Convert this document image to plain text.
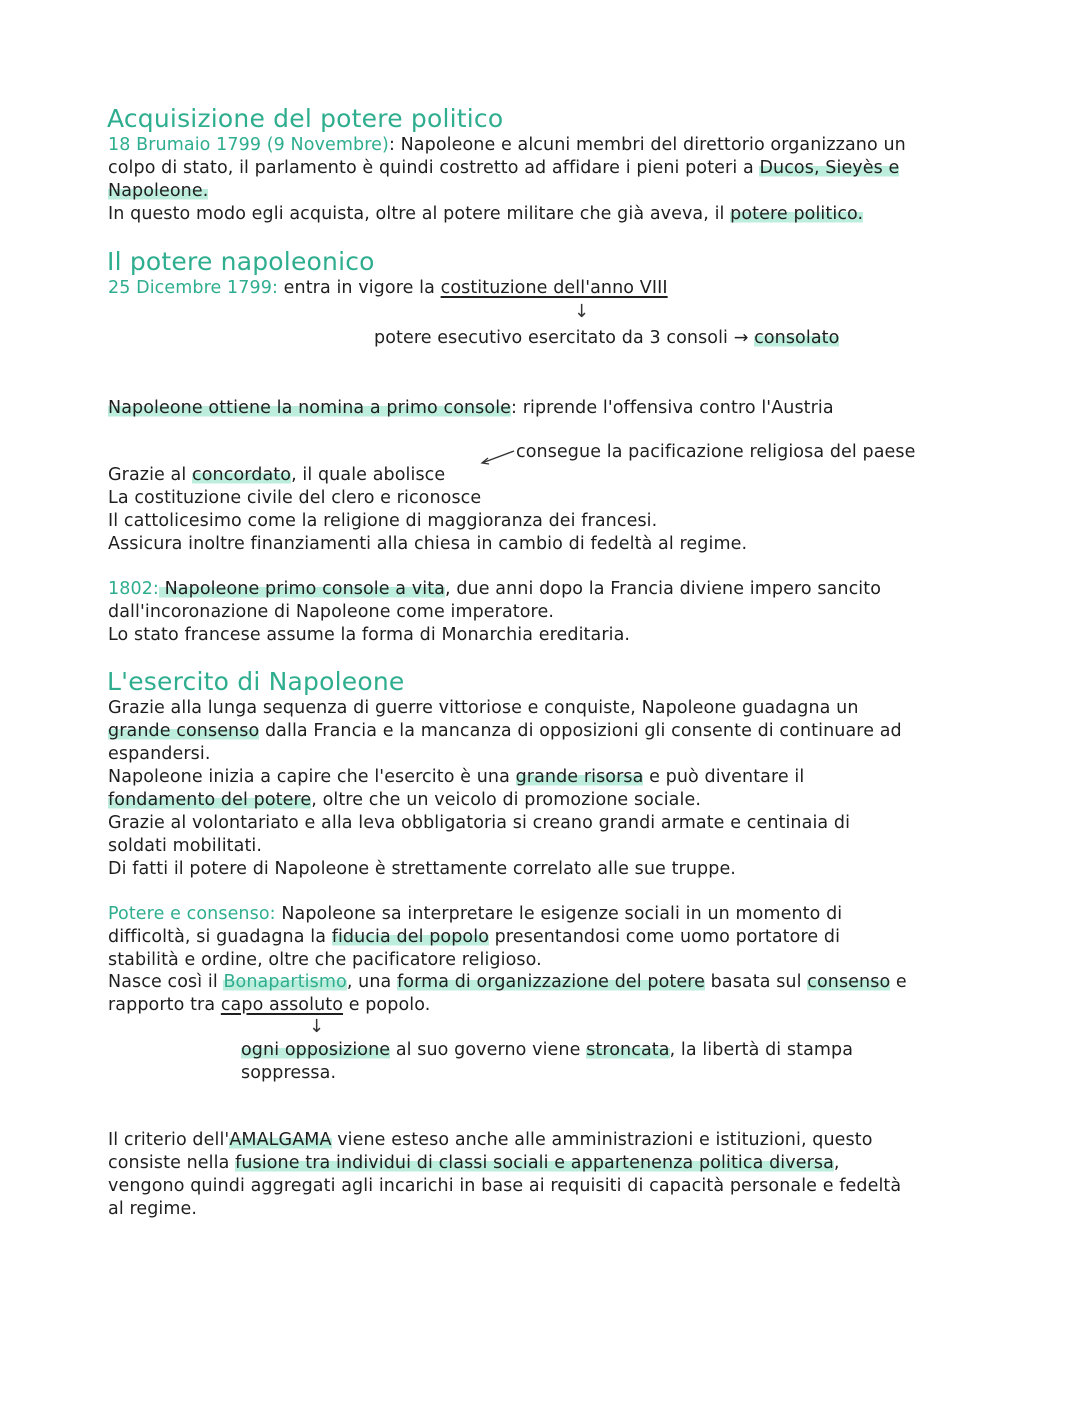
Acquisizione del potere politico
18 Brumaio 1799 (9 Novembre): Napoleone e alcuni membri del direttorio organizzano un
colpo di stato, il parlamento è quindi costretto ad affidare i pieni poteri a Ducos, Sieyès e
Napoleone.
In questo modo egli acquista, oltre al potere militare che già aveva, il potere politico.
Il potere napoleonico
25 Dicembre 1799: entra in vigore la costituzione dell'anno VIII
↓
potere esecutivo esercitato da 3 consoli → consolato
Napoleone ottiene la nomina a primo console: riprende l'offensiva contro l'Austria
consegue la pacificazione religiosa del paese
Grazie al concordato, il quale abolisce
La costituzione civile del clero e riconosce
Il cattolicesimo come la religione di maggioranza dei francesi.
Assicura inoltre finanziamenti alla chiesa in cambio di fedeltà al regime.
1802: Napoleone primo console a vita, due anni dopo la Francia diviene impero sancito
dall'incoronazione di Napoleone come imperatore.
Lo stato francese assume la forma di Monarchia ereditaria.
L'esercito di Napoleone
Grazie alla lunga sequenza di guerre vittoriose e conquiste, Napoleone guadagna un
grande consenso dalla Francia e la mancanza di opposizioni gli consente di continuare ad
espandersi.
Napoleone inizia a capire che l'esercito è una grande risorsa e può diventare il
fondamento del potere, oltre che un veicolo di promozione sociale.
Grazie al volontariato e alla leva obbligatoria si creano grandi armate e centinaia di
soldati mobilitati.
Di fatti il potere di Napoleone è strettamente correlato alle sue truppe.
Potere e consenso: Napoleone sa interpretare le esigenze sociali in un momento di
difficoltà, si guadagna la fiducia del popolo presentandosi come uomo portatore di
stabilità e ordine, oltre che pacificatore religioso.
Nasce così il Bonapartismo, una forma di organizzazione del potere basata sul consenso e
rapporto tra capo assoluto e popolo.
↓
ogni opposizione al suo governo viene stroncata, la libertà di stampa
soppressa.
Il criterio dell'AMALGAMA viene esteso anche alle amministrazioni e istituzioni, questo
consiste nella fusione tra individui di classi sociali e appartenenza politica diversa,
vengono quindi aggregati agli incarichi in base ai requisiti di capacità personale e fedeltà
al regime.
